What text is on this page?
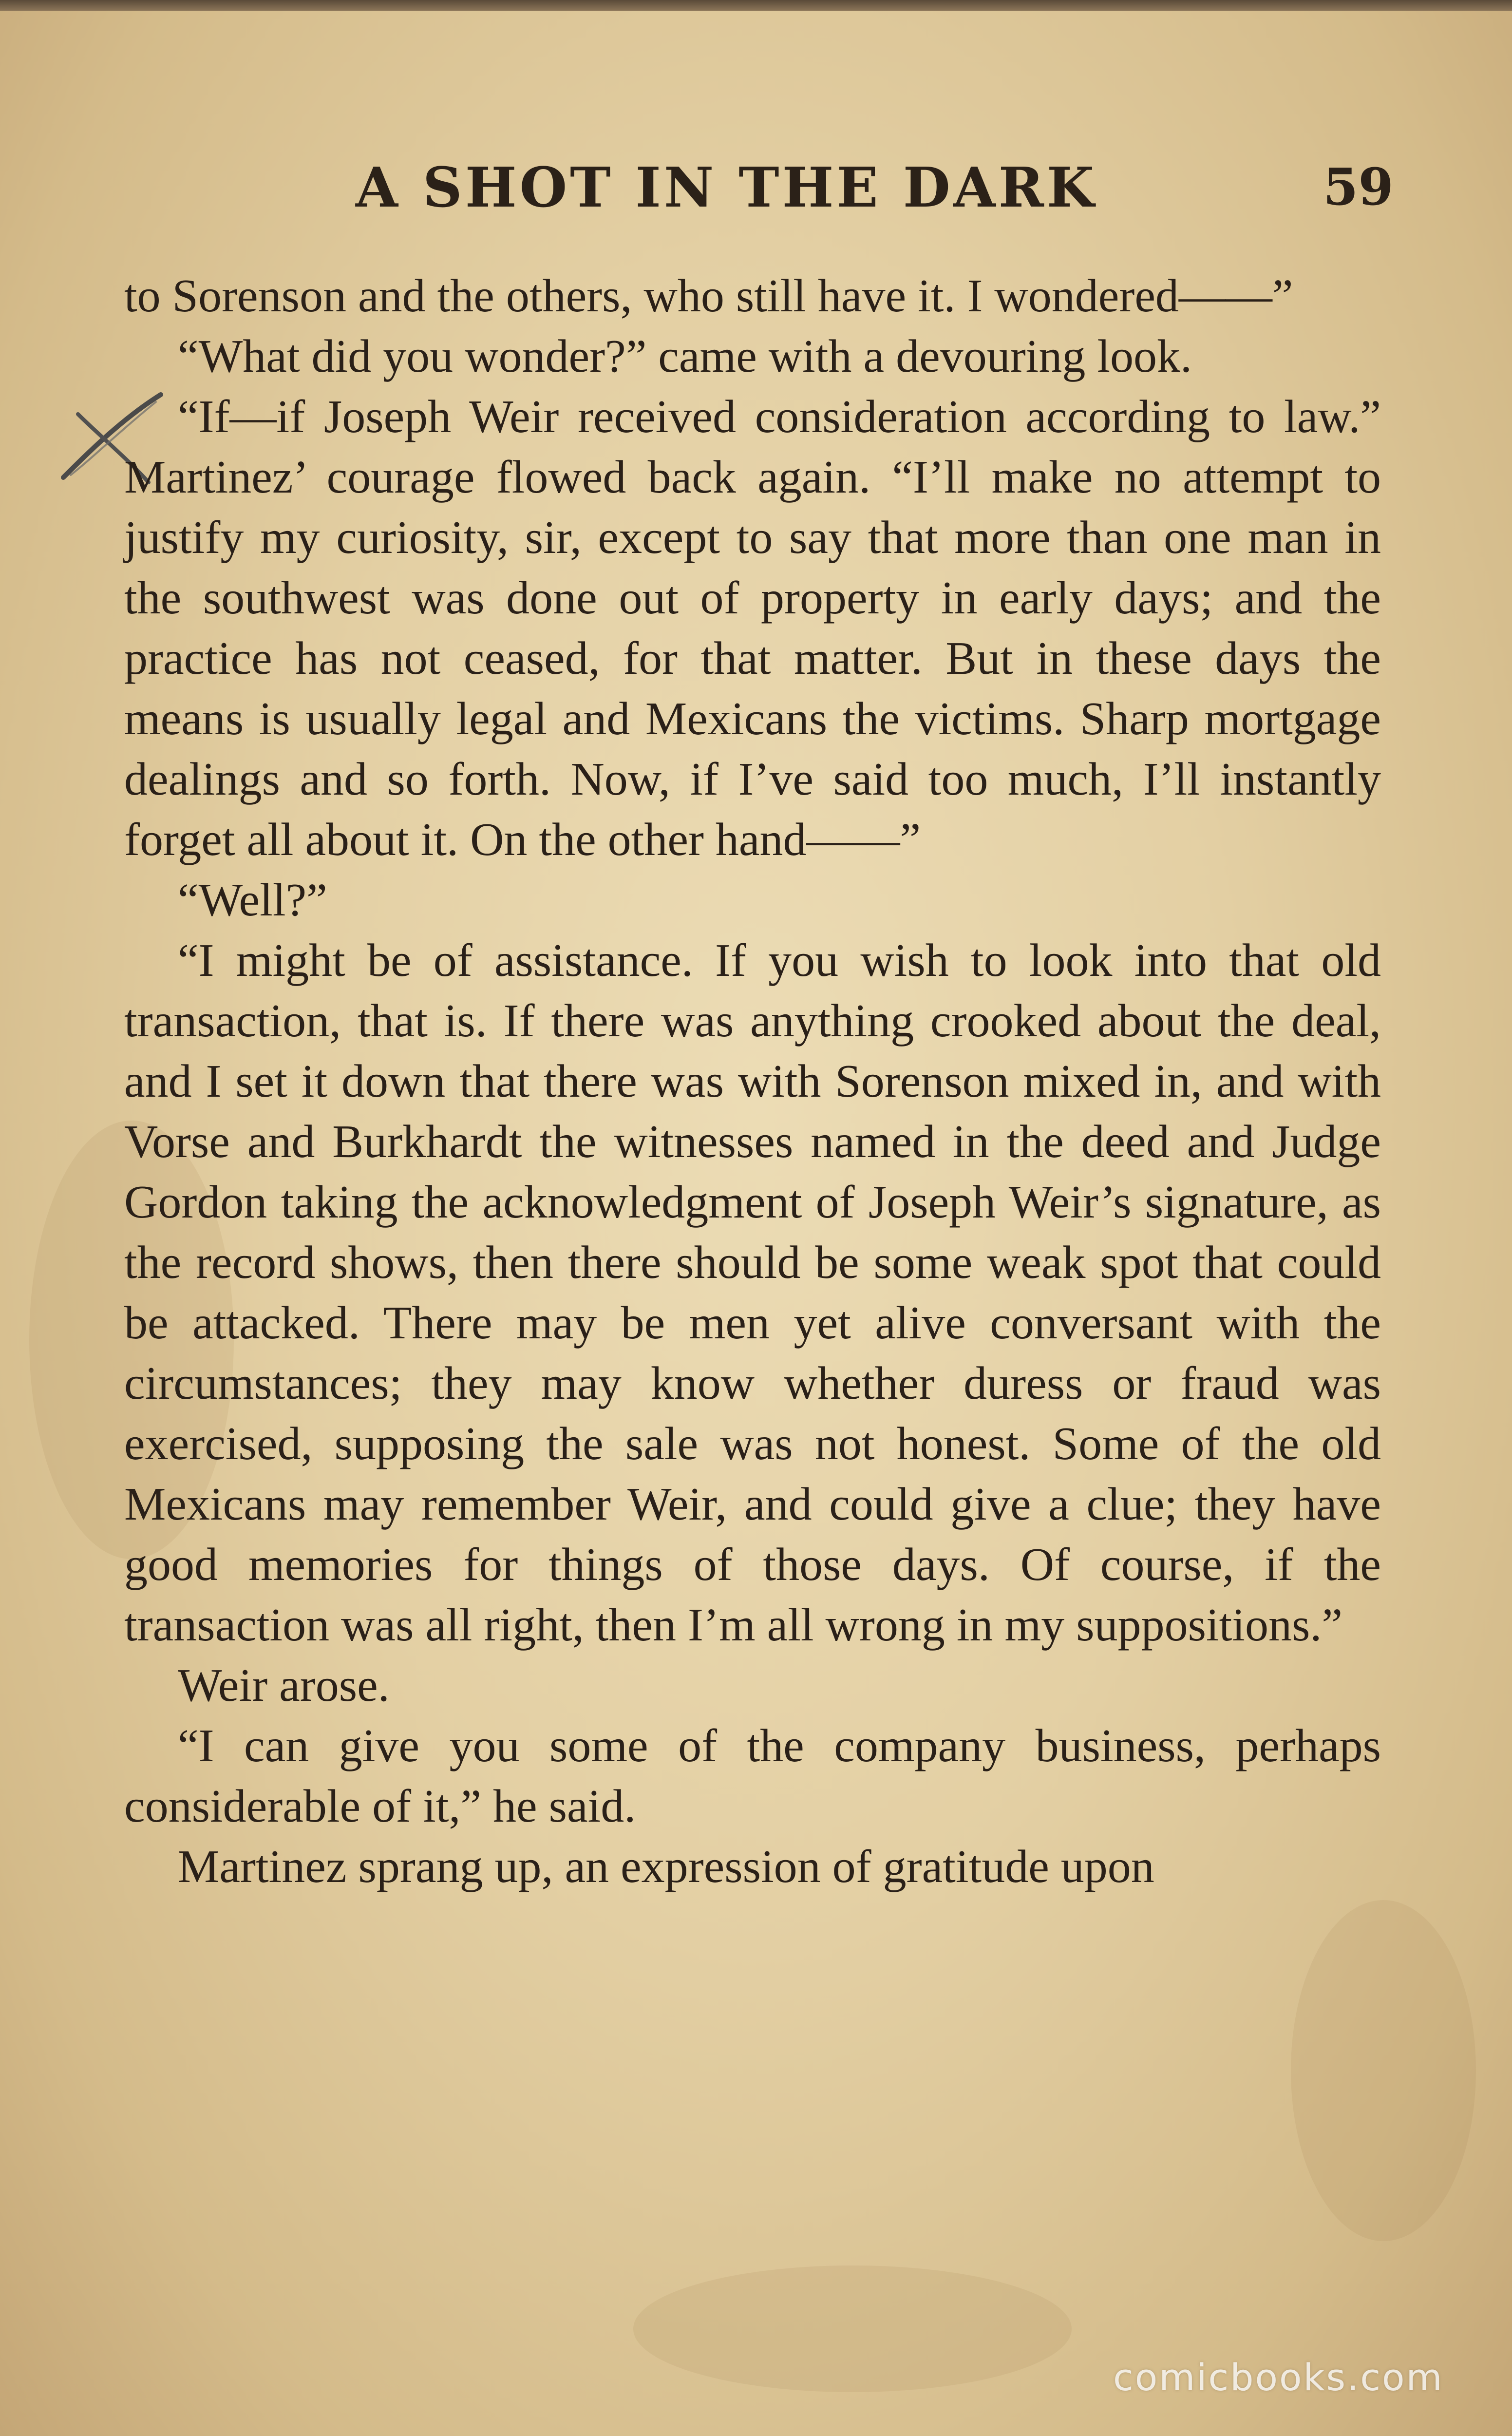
A SHOT IN THE DARK	59

to Sorenson and the others, who still have it. I wondered——”

“What did you wonder?” came with a devouring look.

“If—if Joseph Weir received consideration according to law.” Martinez’ courage flowed back again. “I’ll make no attempt to justify my curiosity, sir, except to say that more than one man in the southwest was done out of property in early days; and the practice has not ceased, for that matter. But in these days the means is usually legal and Mexicans the victims. Sharp mortgage dealings and so forth. Now, if I’ve said too much, I’ll instantly forget all about it. On the other hand——”

“Well?”

“I might be of assistance. If you wish to look into that old transaction, that is. If there was anything crooked about the deal, and I set it down that there was with Sorenson mixed in, and with Vorse and Burkhardt the witnesses named in the deed and Judge Gordon taking the acknowledgment of Joseph Weir’s signature, as the record shows, then there should be some weak spot that could be attacked. There may be men yet alive conversant with the circumstances; they may know whether duress or fraud was exercised, supposing the sale was not honest. Some of the old Mexicans may remember Weir, and could give a clue; they have good memories for things of those days. Of course, if the transaction was all right, then I’m all wrong in my suppositions.”

Weir arose.

“I can give you some of the company business, perhaps considerable of it,” he said.

Martinez sprang up, an expression of gratitude upon

comicbooks.com
